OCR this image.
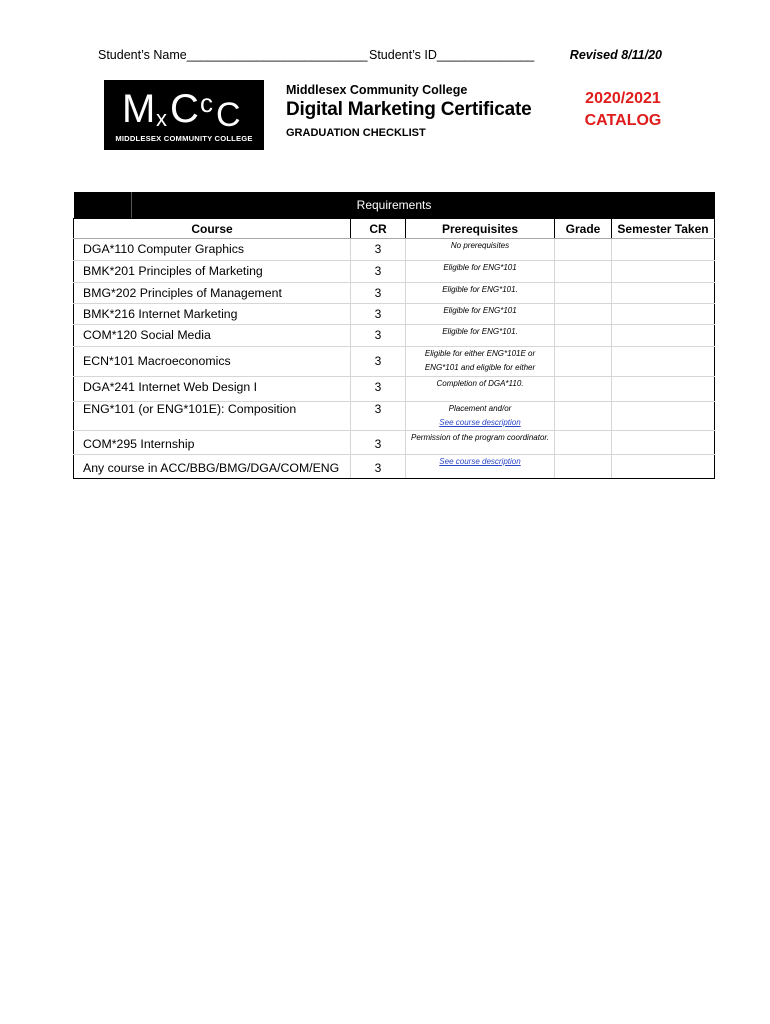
Student’s Name__________________________ Student’s ID______________	Revised 8/11/20
M x C c C
MIDDLESEX COMMUNITY COLLEGE
Middlesex Community College
Digital Marketing Certificate
GRADUATION CHECKLIST
2020/2021
CATALOG
Requirements				
Course	CR	Prerequisites	Grade	Semester Taken

DGA*110 Computer Graphics	3	No prerequisites		

BMK*201 Principles of Marketing	3	Eligible for ENG*101		

BMG*202 Principles of Management	3	Eligible for ENG*101.		

BMK*216 Internet Marketing	3	Eligible for ENG*101		

COM*120 Social Media	3	Eligible for ENG*101.		

ECN*101 Macroeconomics	3	Eligible for either ENG*101E or
ENG*101 and eligible for either		

DGA*241 Internet Web Design I	3	Completion of DGA*110.		

ENG*101 (or ENG*101E): Composition	3	Placement and/or
See course description		

COM*295 Internship	3	Permission of the program coordinator.		

Any course in ACC/BBG/BMG/DGA/COM/ENG	3	See course description		
